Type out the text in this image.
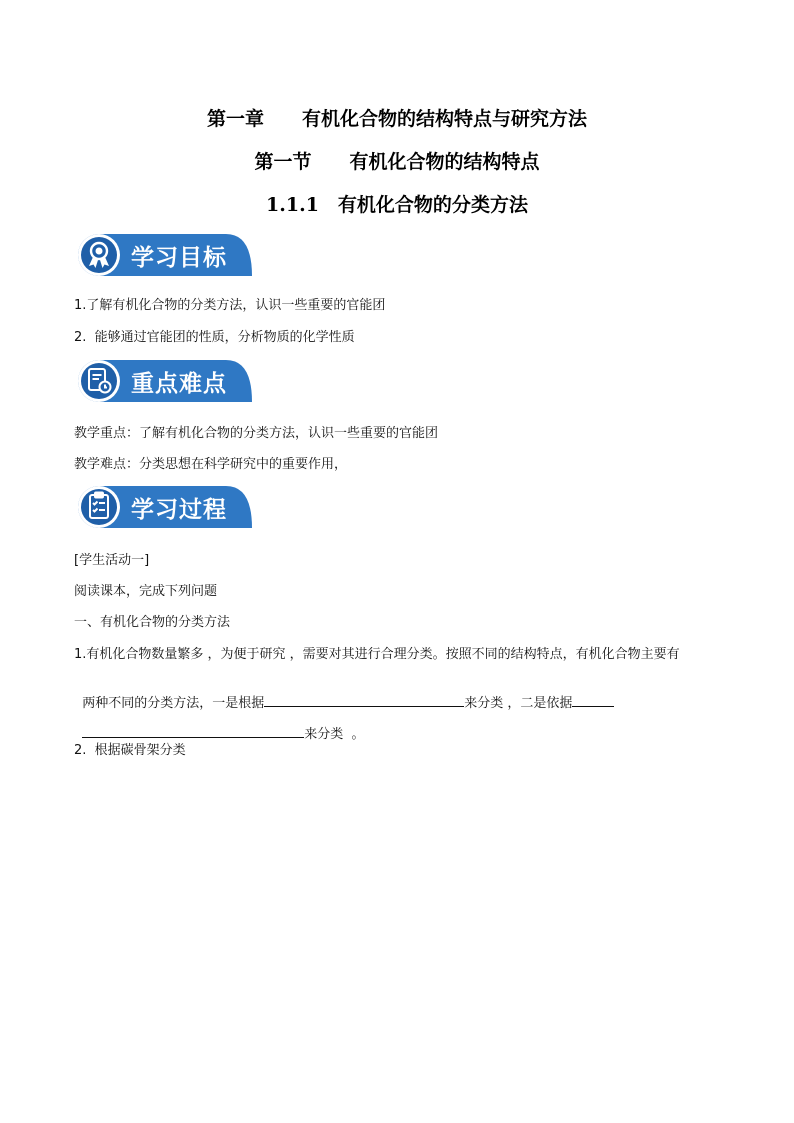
第一章　　有机化合物的结构特点与研究方法
第一节　　有机化合物的结构特点
1.1.1　有机化合物的分类方法
学习目标
1.了解有机化合物的分类方法，认识一些重要的官能团
2.  能够通过官能团的性质，分析物质的化学性质
重点难点
教学重点：了解有机化合物的分类方法，认识一些重要的官能团
教学难点：分类思想在科学研究中的重要作用，
学习过程
[学生活动一]
阅读课本，完成下列问题
一、有机化合物的分类方法
1.有机化合物数量繁多 ，为便于研究 ，需要对其进行合理分类。按照不同的结构特点，有机化合物主要有

两种不同的分类方法，一是根据	来分类 ，二是依据

来分类  。

2.  根据碳骨架分类
